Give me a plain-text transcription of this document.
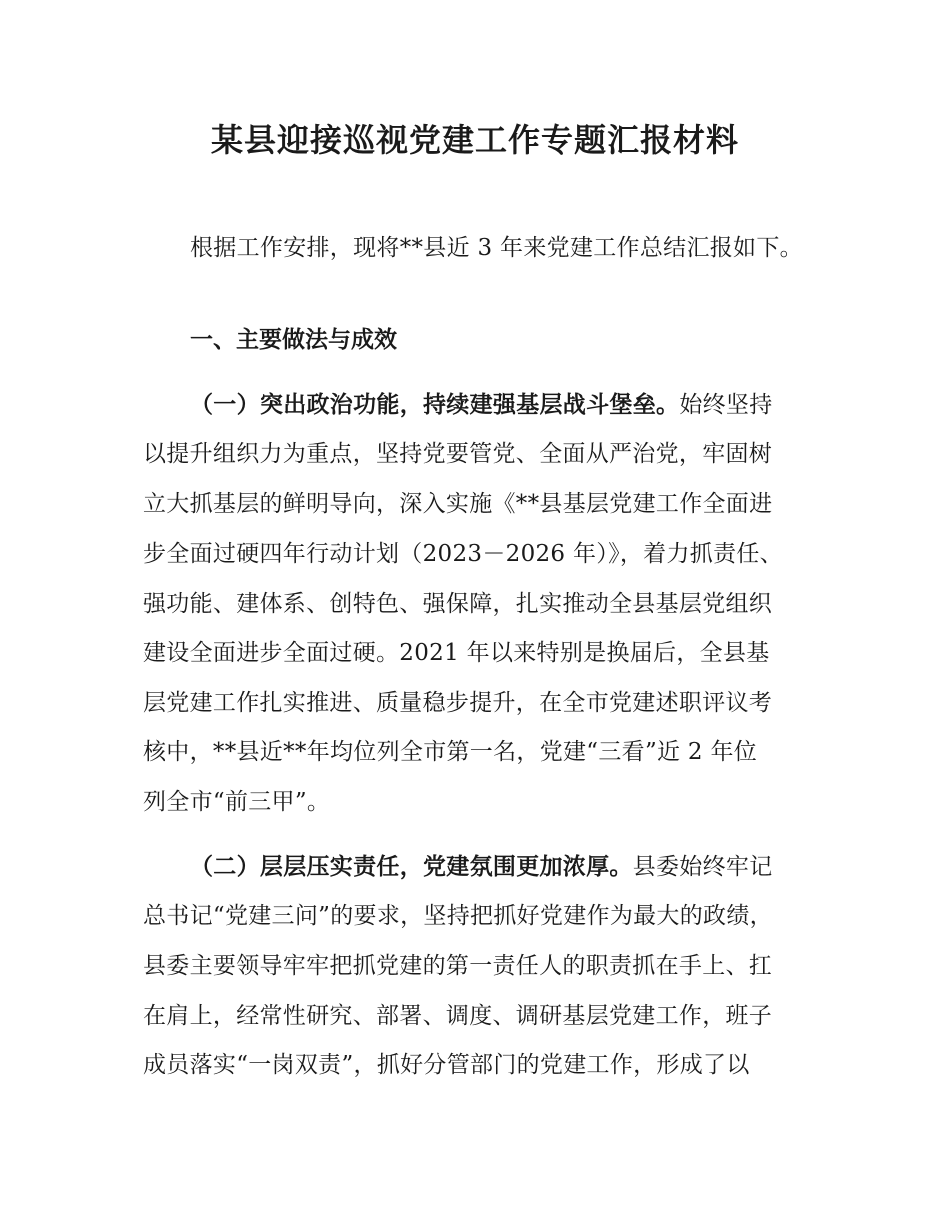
某县迎接巡视党建工作专题汇报材料
根据工作安排，现将**县近 3 年来党建工作总结汇报如下。
一、主要做法与成效
（一）突出政治功能，持续建强基层战斗堡垒。始终坚持
以提升组织力为重点，坚持党要管党、全面从严治党，牢固树
立大抓基层的鲜明导向，深入实施《**县基层党建工作全面进
步全面过硬四年行动计划（2023－2026 年）》，着力抓责任、
强功能、建体系、创特色、强保障，扎实推动全县基层党组织
建设全面进步全面过硬。2021 年以来特别是换届后，全县基
层党建工作扎实推进、质量稳步提升，在全市党建述职评议考
核中，**县近**年均位列全市第一名，党建“三看”近 2 年位
列全市“前三甲”。
（二）层层压实责任，党建氛围更加浓厚。县委始终牢记
总书记“党建三问”的要求，坚持把抓好党建作为最大的政绩，
县委主要领导牢牢把抓党建的第一责任人的职责抓在手上、扛
在肩上，经常性研究、部署、调度、调研基层党建工作，班子
成员落实“一岗双责”，抓好分管部门的党建工作，形成了以
